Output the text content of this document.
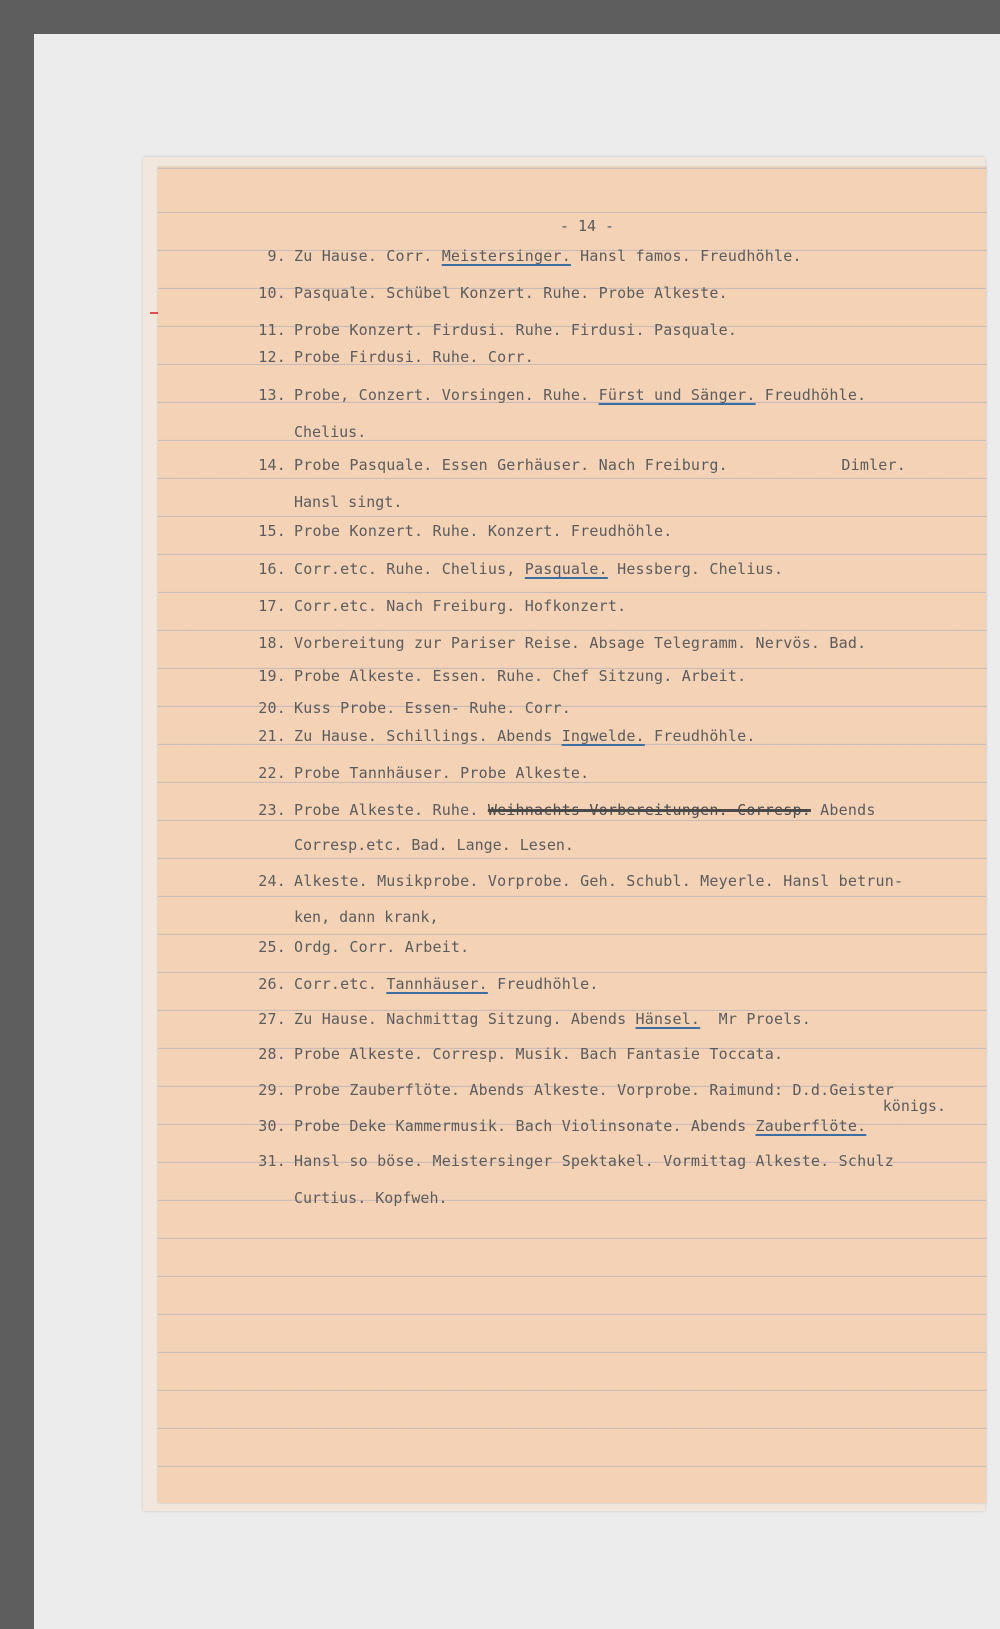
- 14 -
9. Zu Hause. Corr. Meistersinger. Hansl famos. Freudhöhle.
10. Pasquale. Schübel Konzert. Ruhe. Probe Alkeste.
11. Probe Konzert. Firdusi. Ruhe. Firdusi. Pasquale.
12. Probe Firdusi. Ruhe. Corr.
13. Probe, Conzert. Vorsingen. Ruhe. Fürst und Sänger. Freudhöhle.
Chelius.
14. Probe Pasquale. Essen Gerhäuser. Nach Freiburg.	Dimler.
Hansl singt.
15. Probe Konzert. Ruhe. Konzert. Freudhöhle.
16. Corr.etc. Ruhe. Chelius, Pasquale. Hessberg. Chelius.
17. Corr.etc. Nach Freiburg. Hofkonzert.
18. Vorbereitung zur Pariser Reise. Absage Telegramm. Nervös. Bad.
19. Probe Alkeste. Essen. Ruhe. Chef Sitzung. Arbeit.
20. Kuss Probe. Essen- Ruhe. Corr.
21. Zu Hause. Schillings. Abends Ingwelde. Freudhöhle.
22. Probe Tannhäuser. Probe Alkeste.
23. Probe Alkeste. Ruhe. Weihnachts Vorbereitungen. Corresp. Abends
Corresp.etc. Bad. Lange. Lesen.
24. Alkeste. Musikprobe. Vorprobe. Geh. Schubl. Meyerle. Hansl betrun-
ken, dann krank,
25. Ordg. Corr. Arbeit.
26. Corr.etc. Tannhäuser. Freudhöhle.
27. Zu Hause. Nachmittag Sitzung. Abends Hänsel.  Mr Proels.
28. Probe Alkeste. Corresp. Musik. Bach Fantasie Toccata.
29. Probe Zauberflöte. Abends Alkeste. Vorprobe. Raimund: D.d.Geister
königs.
30. Probe Deke Kammermusik. Bach Violinsonate. Abends Zauberflöte.
31. Hansl so böse. Meistersinger Spektakel. Vormittag Alkeste. Schulz
Curtius. Kopfweh.
